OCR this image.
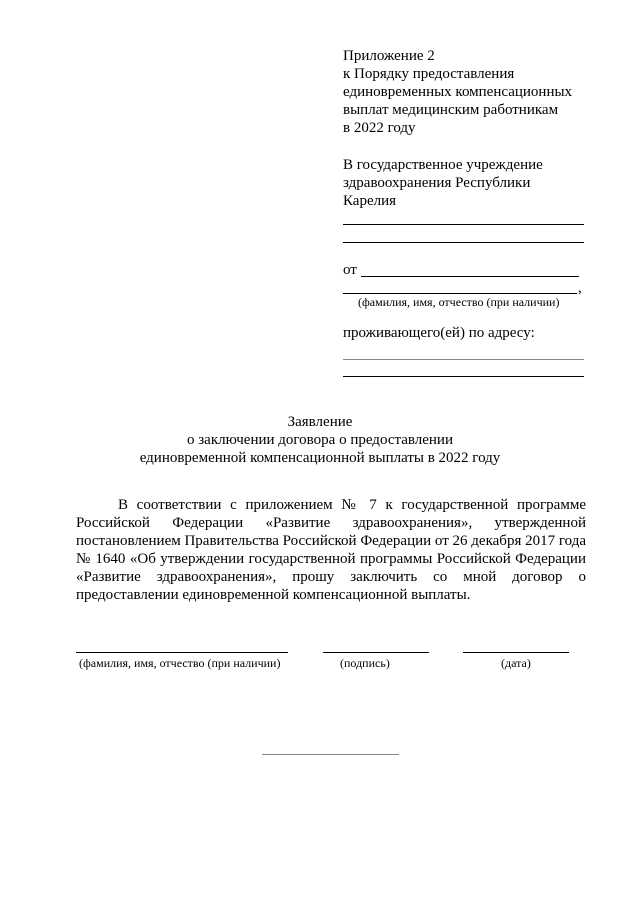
Приложение 2
к Порядку предоставления
единовременных компенсационных
выплат медицинским работникам
в 2022 году
В государственное учреждение
здравоохранения Республики
Карелия
от
,
(фамилия, имя, отчество (при наличии)
проживающего(ей) по адресу:
Заявление
о заключении договора о предоставлении
единовременной компенсационной выплаты в 2022 году
В соответствии с приложением № 7 к государственной программе Российской Федерации «Развитие здравоохранения», утвержденной постановлением Правительства Российской Федерации от 26 декабря 2017 года № 1640 «Об утверждении государственной программы Российской Федерации «Развитие здравоохранения», прошу заключить со мной договор о предоставлении единовременной компенсационной выплаты.
(фамилия, имя, отчество (при наличии)	(подпись)	(дата)
